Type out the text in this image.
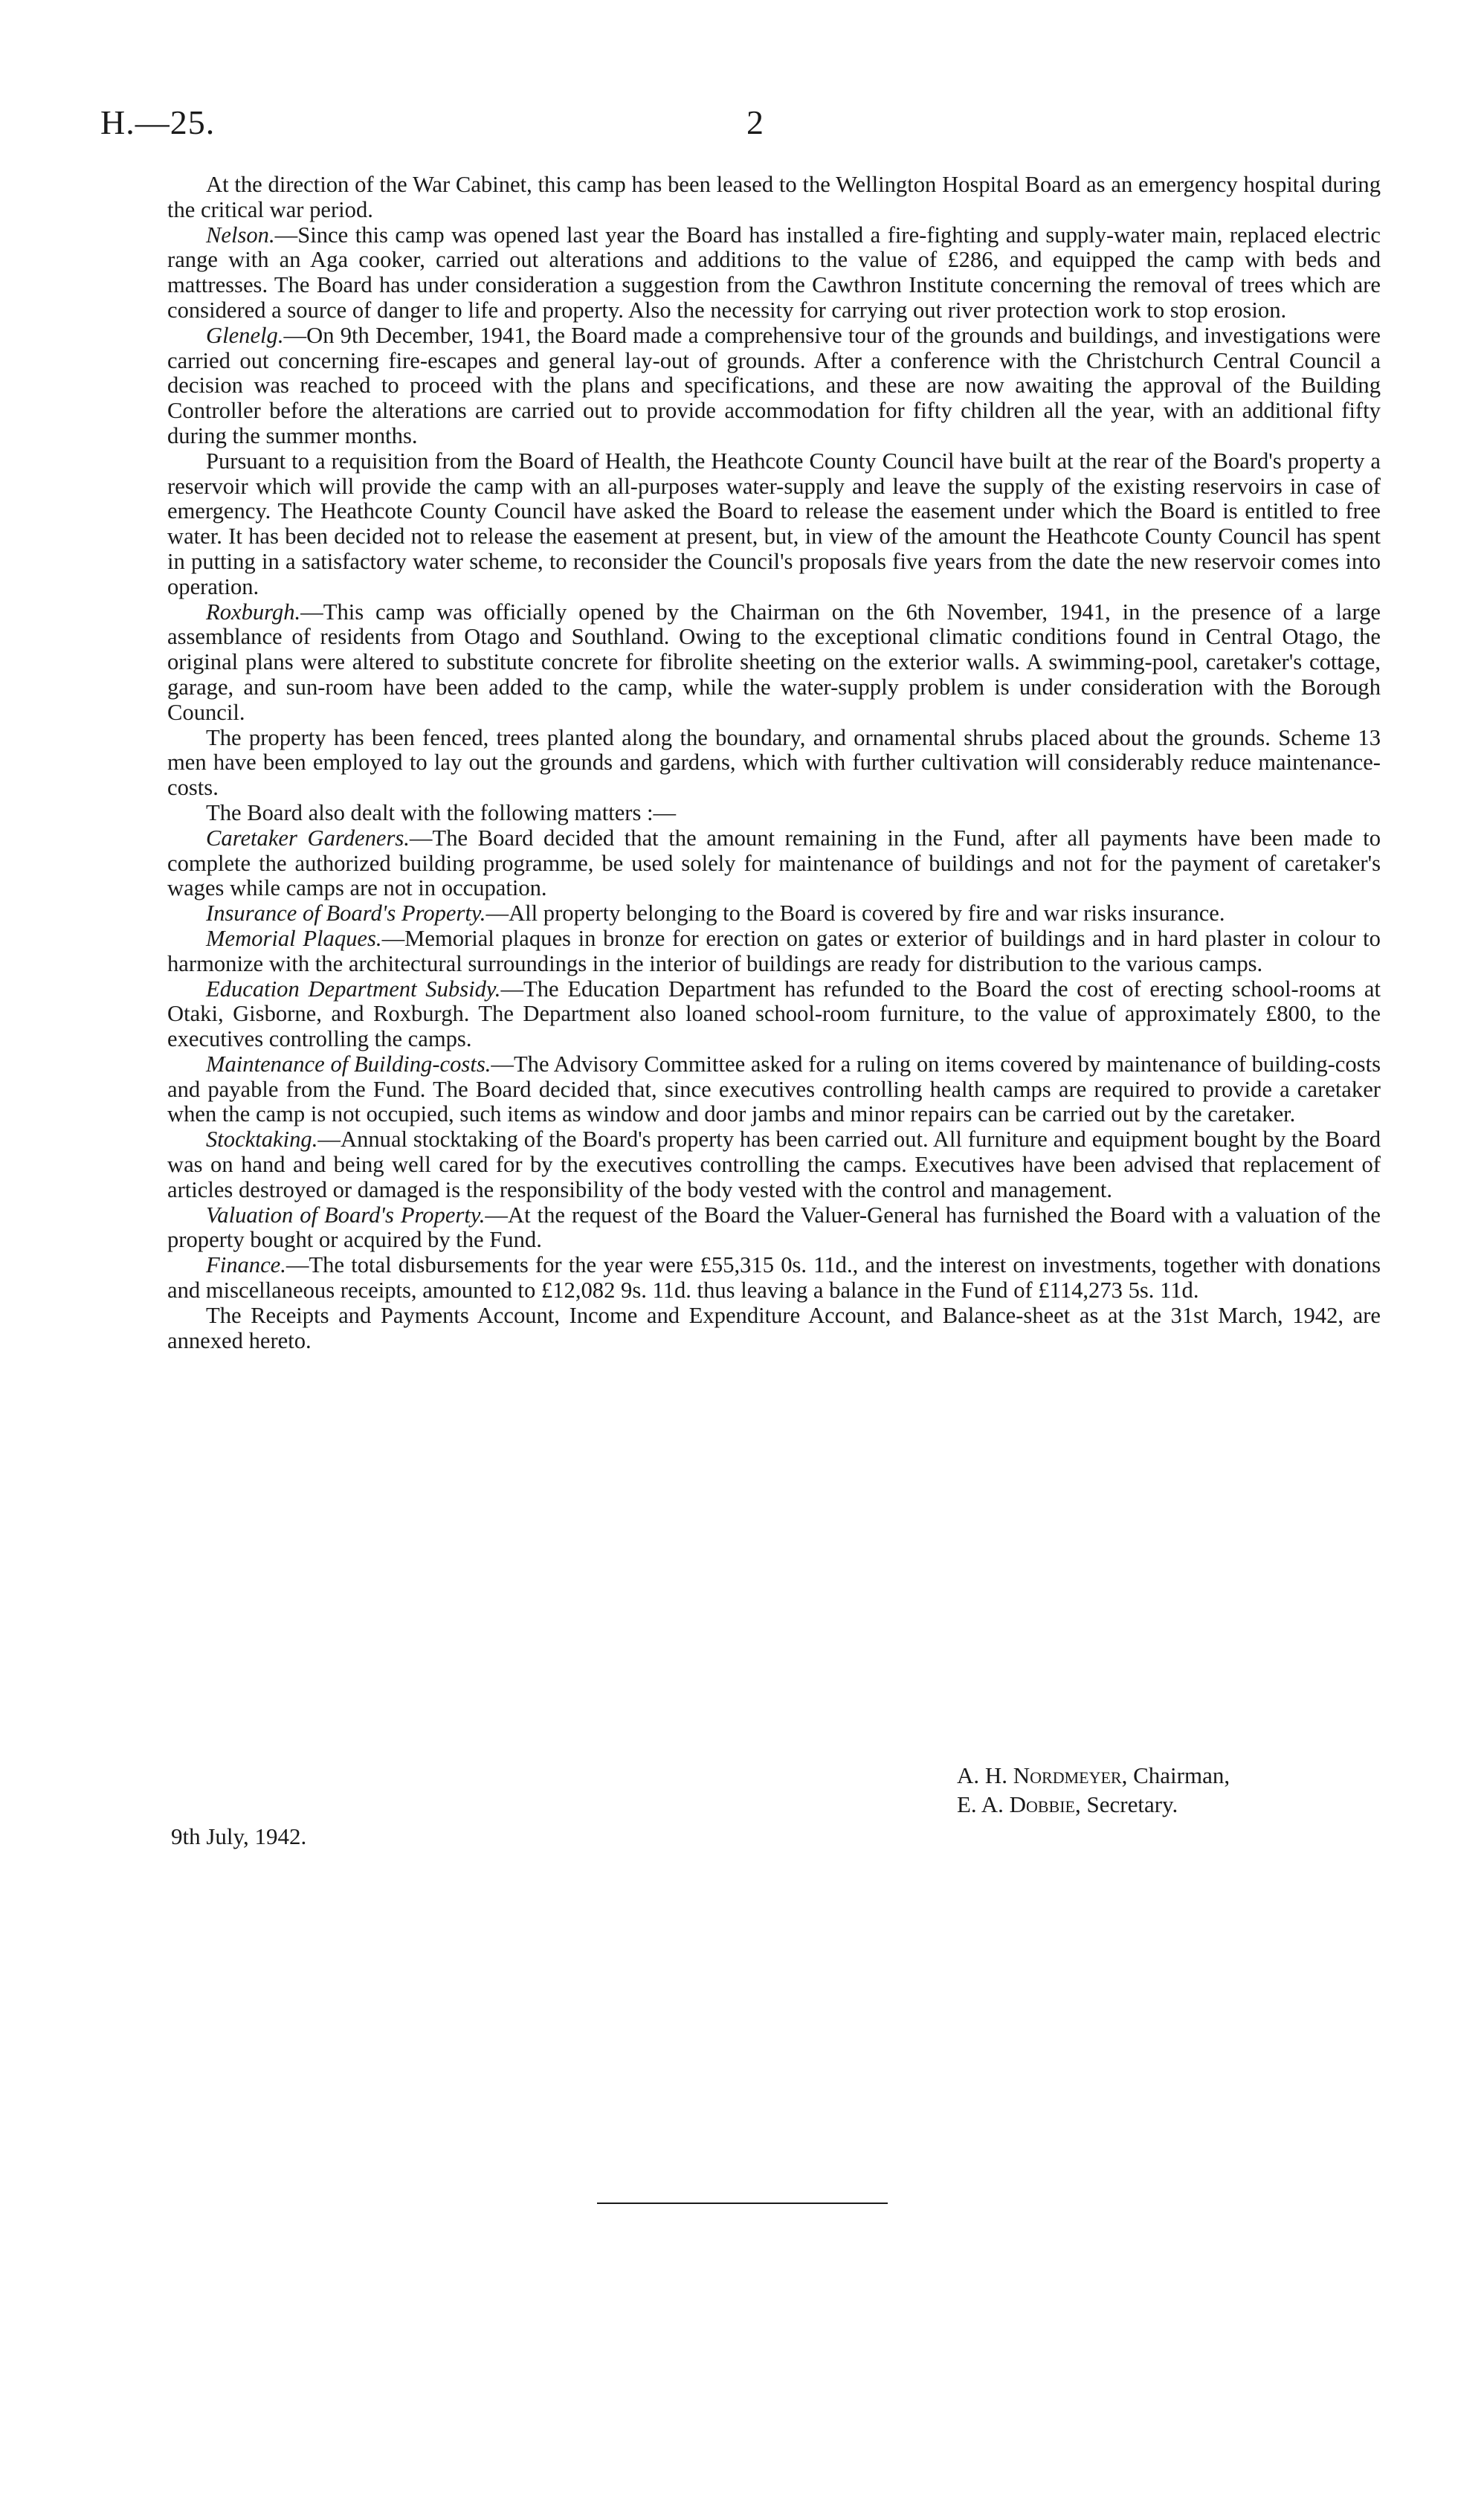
H.—25.	2

At the direction of the War Cabinet, this camp has been leased to the Wellington Hospital Board as an emergency hospital during the critical war period.

Nelson.—Since this camp was opened last year the Board has installed a fire-fighting and supply-water main, replaced electric range with an Aga cooker, carried out alterations and additions to the value of £286, and equipped the camp with beds and mattresses. The Board has under consideration a suggestion from the Cawthron Institute concerning the removal of trees which are considered a source of danger to life and property. Also the necessity for carrying out river protection work to stop erosion.

Glenelg.—On 9th December, 1941, the Board made a comprehensive tour of the grounds and buildings, and investigations were carried out concerning fire-escapes and general lay-out of grounds. After a conference with the Christchurch Central Council a decision was reached to proceed with the plans and specifications, and these are now awaiting the approval of the Building Controller before the alterations are carried out to provide accommodation for fifty children all the year, with an additional fifty during the summer months.

Pursuant to a requisition from the Board of Health, the Heathcote County Council have built at the rear of the Board's property a reservoir which will provide the camp with an all-purposes water-supply and leave the supply of the existing reservoirs in case of emergency. The Heathcote County Council have asked the Board to release the easement under which the Board is entitled to free water. It has been decided not to release the easement at present, but, in view of the amount the Heathcote County Council has spent in putting in a satisfactory water scheme, to reconsider the Council's proposals five years from the date the new reservoir comes into operation.

Roxburgh.—This camp was officially opened by the Chairman on the 6th November, 1941, in the presence of a large assemblance of residents from Otago and Southland. Owing to the exceptional climatic conditions found in Central Otago, the original plans were altered to substitute concrete for fibrolite sheeting on the exterior walls. A swimming-pool, caretaker's cottage, garage, and sun-room have been added to the camp, while the water-supply problem is under consideration with the Borough Council.

The property has been fenced, trees planted along the boundary, and ornamental shrubs placed about the grounds. Scheme 13 men have been employed to lay out the grounds and gardens, which with further cultivation will considerably reduce maintenance-costs.

The Board also dealt with the following matters :—

Caretaker Gardeners.—The Board decided that the amount remaining in the Fund, after all payments have been made to complete the authorized building programme, be used solely for maintenance of buildings and not for the payment of caretaker's wages while camps are not in occupation.

Insurance of Board's Property.—All property belonging to the Board is covered by fire and war risks insurance.

Memorial Plaques.—Memorial plaques in bronze for erection on gates or exterior of buildings and in hard plaster in colour to harmonize with the architectural surroundings in the interior of buildings are ready for distribution to the various camps.

Education Department Subsidy.—The Education Department has refunded to the Board the cost of erecting school-rooms at Otaki, Gisborne, and Roxburgh. The Department also loaned school-room furniture, to the value of approximately £800, to the executives controlling the camps.

Maintenance of Building-costs.—The Advisory Committee asked for a ruling on items covered by maintenance of building-costs and payable from the Fund. The Board decided that, since executives controlling health camps are required to provide a caretaker when the camp is not occupied, such items as window and door jambs and minor repairs can be carried out by the caretaker.

Stocktaking.—Annual stocktaking of the Board's property has been carried out. All furniture and equipment bought by the Board was on hand and being well cared for by the executives controlling the camps. Executives have been advised that replacement of articles destroyed or damaged is the responsibility of the body vested with the control and management.

Valuation of Board's Property.—At the request of the Board the Valuer-General has furnished the Board with a valuation of the property bought or acquired by the Fund.

Finance.—The total disbursements for the year were £55,315 0s. 11d., and the interest on investments, together with donations and miscellaneous receipts, amounted to £12,082 9s. 11d. thus leaving a balance in the Fund of £114,273 5s. 11d.

The Receipts and Payments Account, Income and Expenditure Account, and Balance-sheet as at the 31st March, 1942, are annexed hereto.

A. H. Nordmeyer, Chairman,
E. A. Dobbie, Secretary.
9th July, 1942.
